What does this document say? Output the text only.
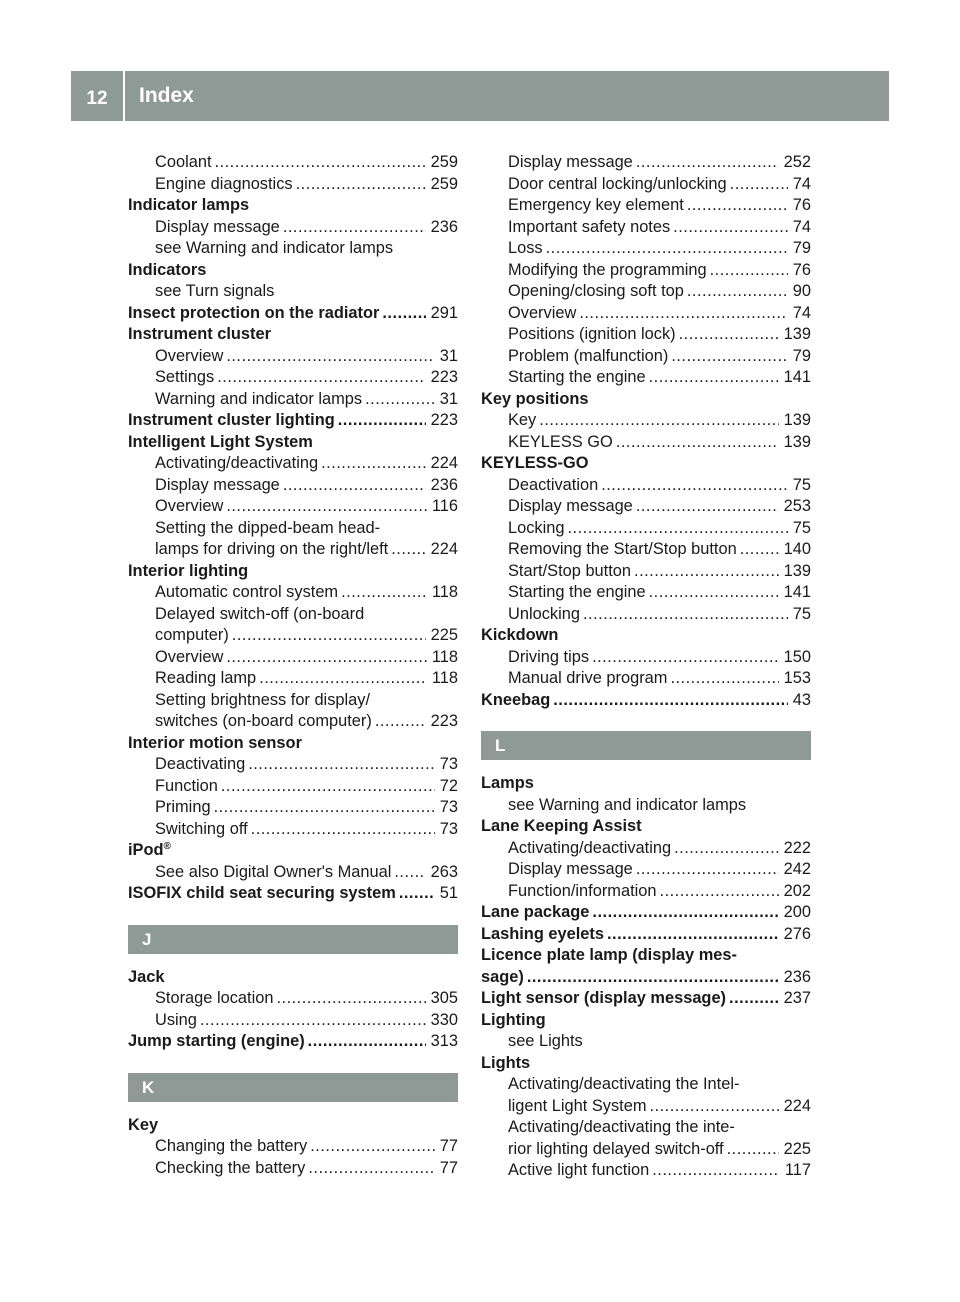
12	Index
Coolant .....	259
Engine diagnostics .....	259
Indicator lamps
Display message .....	236
see Warning and indicator lamps
Indicators
see Turn signals
Insect protection on the radiator .....	291
Instrument cluster
Overview .....	31
Settings .....	223
Warning and indicator lamps .....	31
Instrument cluster lighting .....	223
Intelligent Light System
Activating/deactivating .....	224
Display message .....	236
Overview .....	116
Setting the dipped-beam head-
lamps for driving on the right/left .....	224
Interior lighting
Automatic control system .....	118
Delayed switch-off (on-board
computer) .....	225
Overview .....	118
Reading lamp .....	118
Setting brightness for display/
switches (on-board computer) .....	223
Interior motion sensor
Deactivating .....	73
Function .....	72
Priming .....	73
Switching off .....	73
iPod®
See also Digital Owner's Manual ..... 263
ISOFIX child seat securing system .....	51
J
Jack
Storage location .....	305
Using .....	330
Jump starting (engine) .....	313
K
Key
Changing the battery .....	77
Checking the battery .....	77
Display message .....	252
Door central locking/unlocking .....	74
Emergency key element .....	76
Important safety notes .....	74
Loss .....	79
Modifying the programming .....	76
Opening/closing soft top .....	90
Overview .....	74
Positions (ignition lock) .....	139
Problem (malfunction) .....	79
Starting the engine .....	141
Key positions
Key .....	139
KEYLESS GO .....	139
KEYLESS-GO
Deactivation .....	75
Display message .....	253
Locking .....	75
Removing the Start/Stop button .....	140
Start/Stop button .....	139
Starting the engine .....	141
Unlocking .....	75
Kickdown
Driving tips .....	150
Manual drive program .....	153
Kneebag .....	43
L
Lamps
see Warning and indicator lamps
Lane Keeping Assist
Activating/deactivating .....	222
Display message .....	242
Function/information .....	202
Lane package .....	200
Lashing eyelets .....	276
Licence plate lamp (display mes-
sage) .....	236
Light sensor (display message) .....	237
Lighting
see Lights
Lights
Activating/deactivating the Intel-
ligent Light System .....	224
Activating/deactivating the inte-
rior lighting delayed switch-off .....	225
Active light function .....	117
